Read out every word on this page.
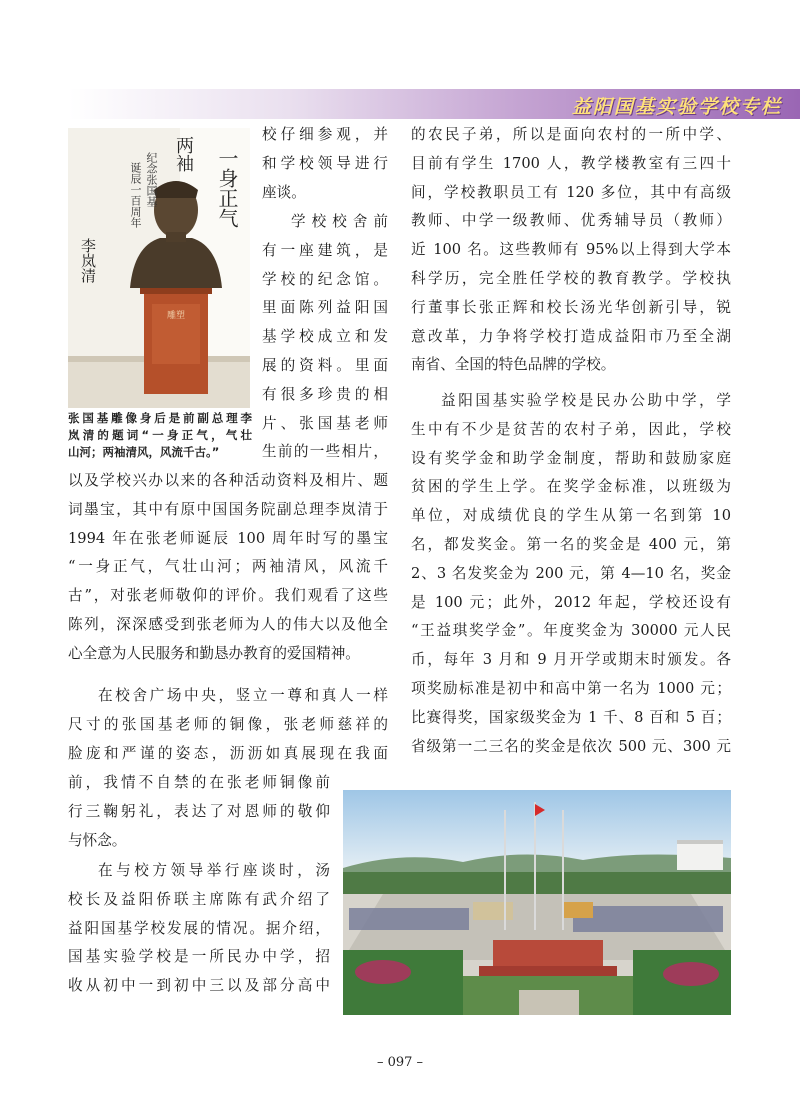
益阳国基实验学校专栏
一身正气
两袖
纪念张国基
诞辰一百周年
李岚清
雕塑
张国基雕像身后是前副总理李
岚清的题词“一身正气，气壮
山河；两袖清风，风流千古。”
校仔细参观，并
和学校领导进行
座谈。
学校校舍前
有一座建筑，是
学校的纪念馆。
里面陈列益阳国
基学校成立和发
展的资料。里面
有很多珍贵的相
片、张国基老师
生前的一些相片，
以及学校兴办以来的各种活动资料及相片、题
词墨宝，其中有原中国国务院副总理李岚清于
1994 年在张老师诞辰 100 周年时写的墨宝
“一身正气，气壮山河；两袖清风，风流千
古”，对张老师敬仰的评价。我们观看了这些
陈列，深深感受到张老师为人的伟大以及他全
心全意为人民服务和勤恳办教育的爱国精神。
在校舍广场中央，竖立一尊和真人一样
尺寸的张国基老师的铜像，张老师慈祥的
脸庞和严谨的姿态，沥沥如真展现在我面
前，我情不自禁的在张老师铜像前
行三鞠躬礼，表达了对恩师的敬仰
与怀念。
在与校方领导举行座谈时，汤
校长及益阳侨联主席陈有武介绍了
益阳国基学校发展的情况。据介绍，
国基实验学校是一所民办中学，招
收从初中一到初中三以及部分高中
的农民子弟，所以是面向农村的一所中学、
目前有学生 1700 人，教学楼教室有三四十
间，学校教职员工有 120 多位，其中有高级
教师、中学一级教师、优秀辅导员（教师）
近 100 名。这些教师有 95%以上得到大学本
科学历，完全胜任学校的教育教学。学校执
行董事长张正辉和校长汤光华创新引导，锐
意改革，力争将学校打造成益阳市乃至全湖
南省、全国的特色品牌的学校。
益阳国基实验学校是民办公助中学，学
生中有不少是贫苦的农村子弟，因此，学校
设有奖学金和助学金制度，帮助和鼓励家庭
贫困的学生上学。在奖学金标准，以班级为
单位，对成绩优良的学生从第一名到第 10
名，都发奖金。第一名的奖金是 400 元，第
2、3 名发奖金为 200 元，第 4—10 名，奖金
是 100 元；此外，2012 年起，学校还设有
“王益琪奖学金”。年度奖金为 30000 元人民
币，每年 3 月和 9 月开学或期末时颁发。各
项奖励标准是初中和高中第一名为 1000 元；
比赛得奖，国家级奖金为 1 千、8 百和 5 百；
省级第一二三名的奖金是依次 500 元、300 元
– 097 –
